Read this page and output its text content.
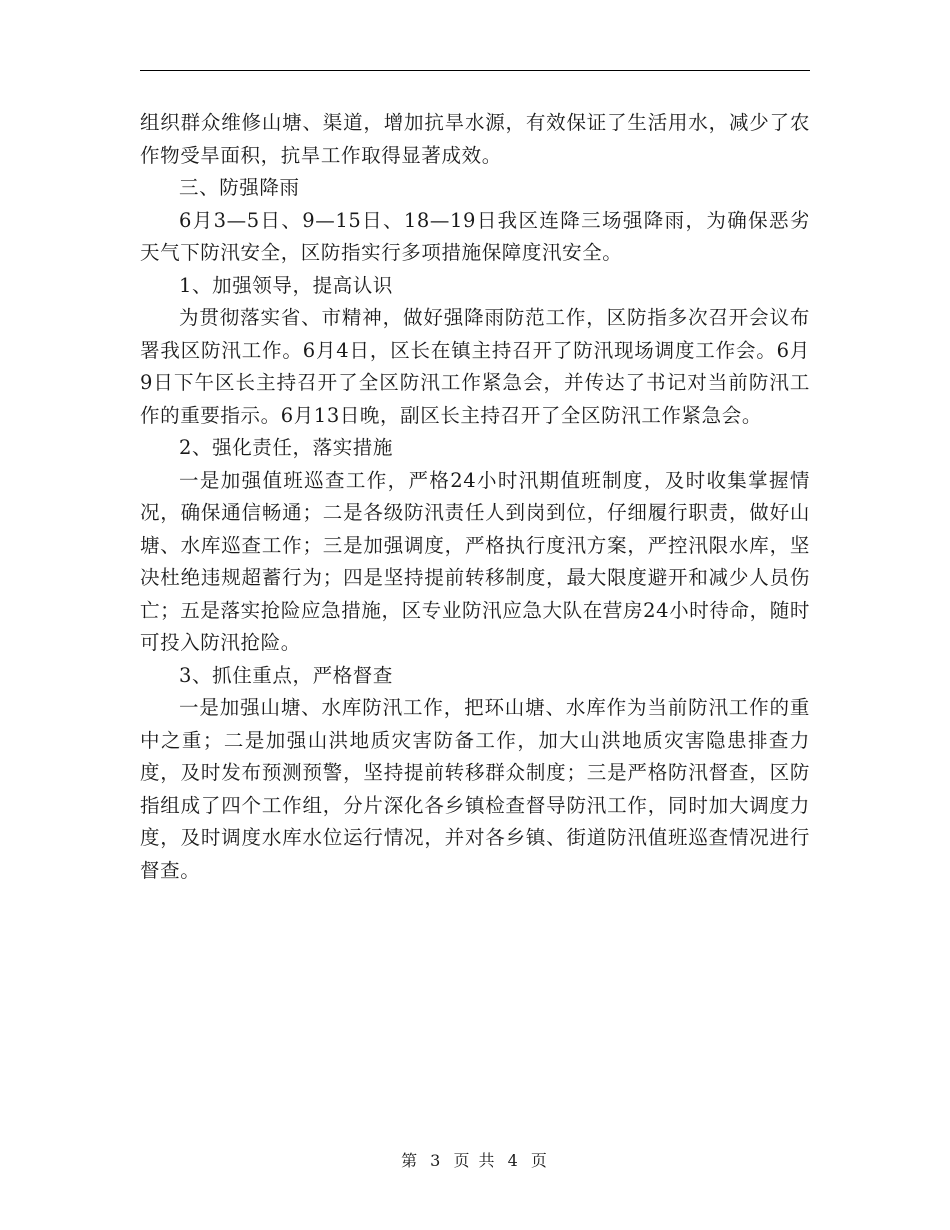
组织群众维修山塘、渠道，增加抗旱水源，有效保证了生活用水，减少了农作物受旱面积，抗旱工作取得显著成效。

三、防强降雨

6月3—5日、9—15日、18—19日我区连降三场强降雨，为确保恶劣天气下防汛安全，区防指实行多项措施保障度汛安全。

1、加强领导，提高认识

为贯彻落实省、市精神，做好强降雨防范工作，区防指多次召开会议布署我区防汛工作。6月4日，区长在镇主持召开了防汛现场调度工作会。6月9日下午区长主持召开了全区防汛工作紧急会，并传达了书记对当前防汛工作的重要指示。6月13日晚，副区长主持召开了全区防汛工作紧急会。

2、强化责任，落实措施

一是加强值班巡查工作，严格24小时汛期值班制度，及时收集掌握情况，确保通信畅通；二是各级防汛责任人到岗到位，仔细履行职责，做好山塘、水库巡查工作；三是加强调度，严格执行度汛方案，严控汛限水库，坚决杜绝违规超蓄行为；四是坚持提前转移制度，最大限度避开和减少人员伤亡；五是落实抢险应急措施，区专业防汛应急大队在营房24小时待命，随时可投入防汛抢险。

3、抓住重点，严格督查

一是加强山塘、水库防汛工作，把环山塘、水库作为当前防汛工作的重中之重；二是加强山洪地质灾害防备工作，加大山洪地质灾害隐患排查力度，及时发布预测预警，坚持提前转移群众制度；三是严格防汛督查，区防指组成了四个工作组，分片深化各乡镇检查督导防汛工作，同时加大调度力度，及时调度水库水位运行情况，并对各乡镇、街道防汛值班巡查情况进行督查。

第 3 页 共 4 页
